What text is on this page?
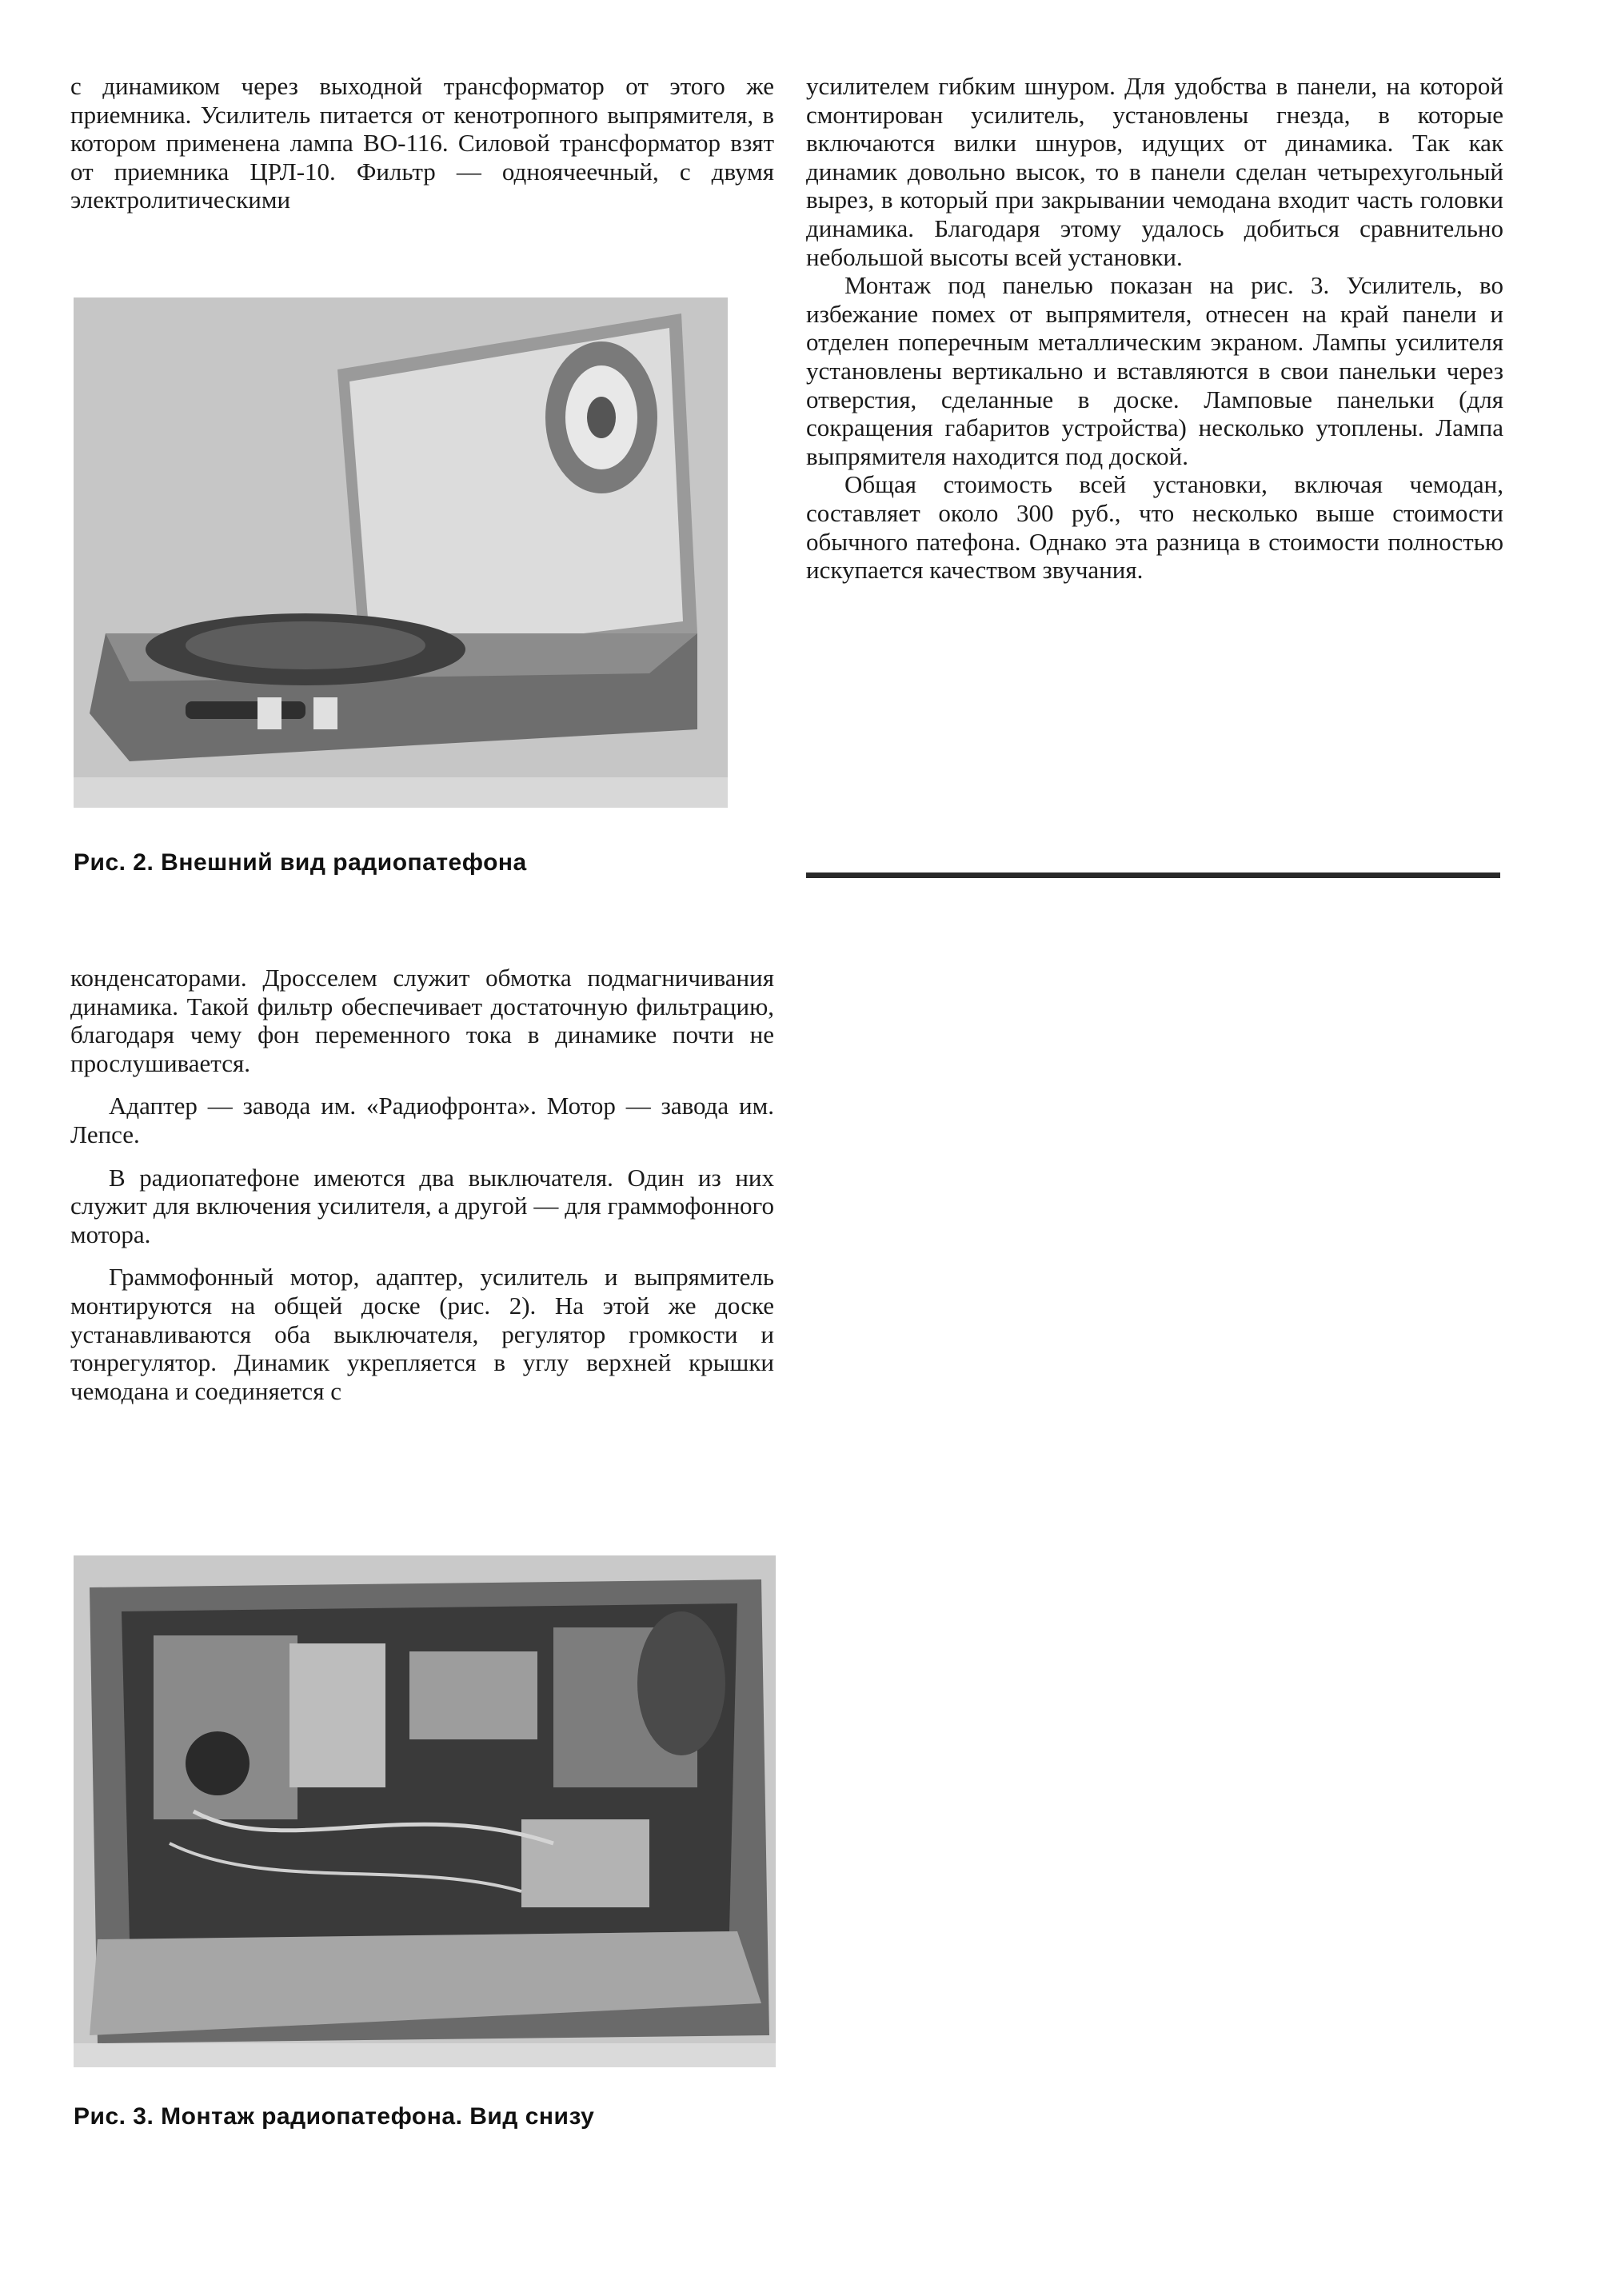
с динамиком через выходной трансформатор от этого же приемника. Усилитель питается от кенотропного выпрямителя, в котором применена лампа ВО-116. Силовой трансформатор взят от приемника ЦРЛ-10. Фильтр — одноячеечный, с двумя электролитическими

Рис. 2. Внешний вид радиопатефона

конденсаторами. Дросселем служит обмотка подмагничивания динамика. Такой фильтр обеспечивает достаточную фильтрацию, благодаря чему фон переменного тока в динамике почти не прослушивается.

Адаптер — завода им. «Радиофронта». Мотор — завода им. Лепсе.

В радиопатефоне имеются два выключателя. Один из них служит для включения усилителя, а другой — для граммофонного мотора.

Граммофонный мотор, адаптер, усилитель и выпрямитель монтируются на общей доске (рис. 2). На этой же доске устанавливаются оба выключателя, регулятор громкости и тонрегулятор. Динамик укрепляется в углу верхней крышки чемодана и соединяется с

Рис. 3. Монтаж радиопатефона. Вид снизу

усилителем гибким шнуром. Для удобства в панели, на которой смонтирован усилитель, установлены гнезда, в которые включаются вилки шнуров, идущих от динамика. Так как динамик довольно высок, то в панели сделан четырехугольный вырез, в который при закрывании чемодана входит часть головки динамика. Благодаря этому удалось добиться сравнительно небольшой высоты всей установки.

Монтаж под панелью показан на рис. 3. Усилитель, во избежание помех от выпрямителя, отнесен на край панели и отделен поперечным металлическим экраном. Лампы усилителя установлены вертикально и вставляются в свои панельки через отверстия, сделанные в доске. Ламповые панельки (для сокращения габаритов устройства) несколько утоплены. Лампа выпрямителя находится под доской.

Общая стоимость всей установки, включая чемодан, составляет около 300 руб., что несколько выше стоимости обычного патефона. Однако эта разница в стоимости полностью искупается качеством звучания.
